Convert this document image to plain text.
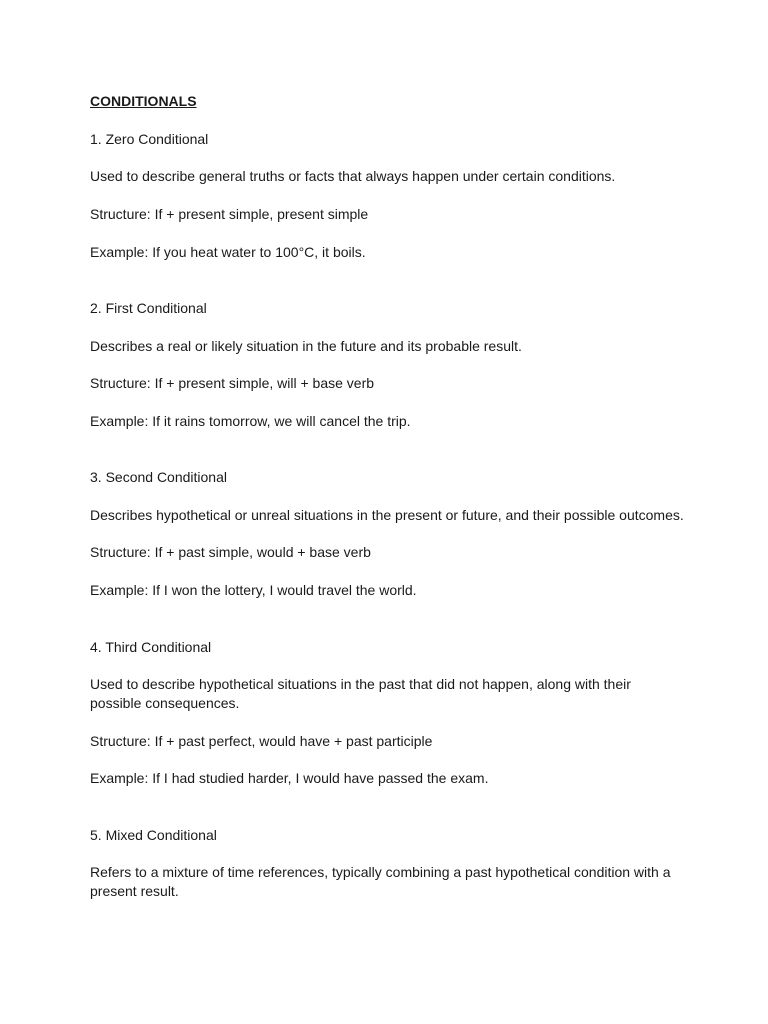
CONDITIONALS
1. Zero Conditional
Used to describe general truths or facts that always happen under certain conditions.
Structure: If + present simple, present simple
Example: If you heat water to 100°C, it boils.
2. First Conditional
Describes a real or likely situation in the future and its probable result.
Structure: If + present simple, will + base verb
Example: If it rains tomorrow, we will cancel the trip.
3. Second Conditional
Describes hypothetical or unreal situations in the present or future, and their possible outcomes.
Structure: If + past simple, would + base verb
Example: If I won the lottery, I would travel the world.
4. Third Conditional
Used to describe hypothetical situations in the past that did not happen, along with their
possible consequences.
Structure: If + past perfect, would have + past participle
Example: If I had studied harder, I would have passed the exam.
5. Mixed Conditional
Refers to a mixture of time references, typically combining a past hypothetical condition with a
present result.
